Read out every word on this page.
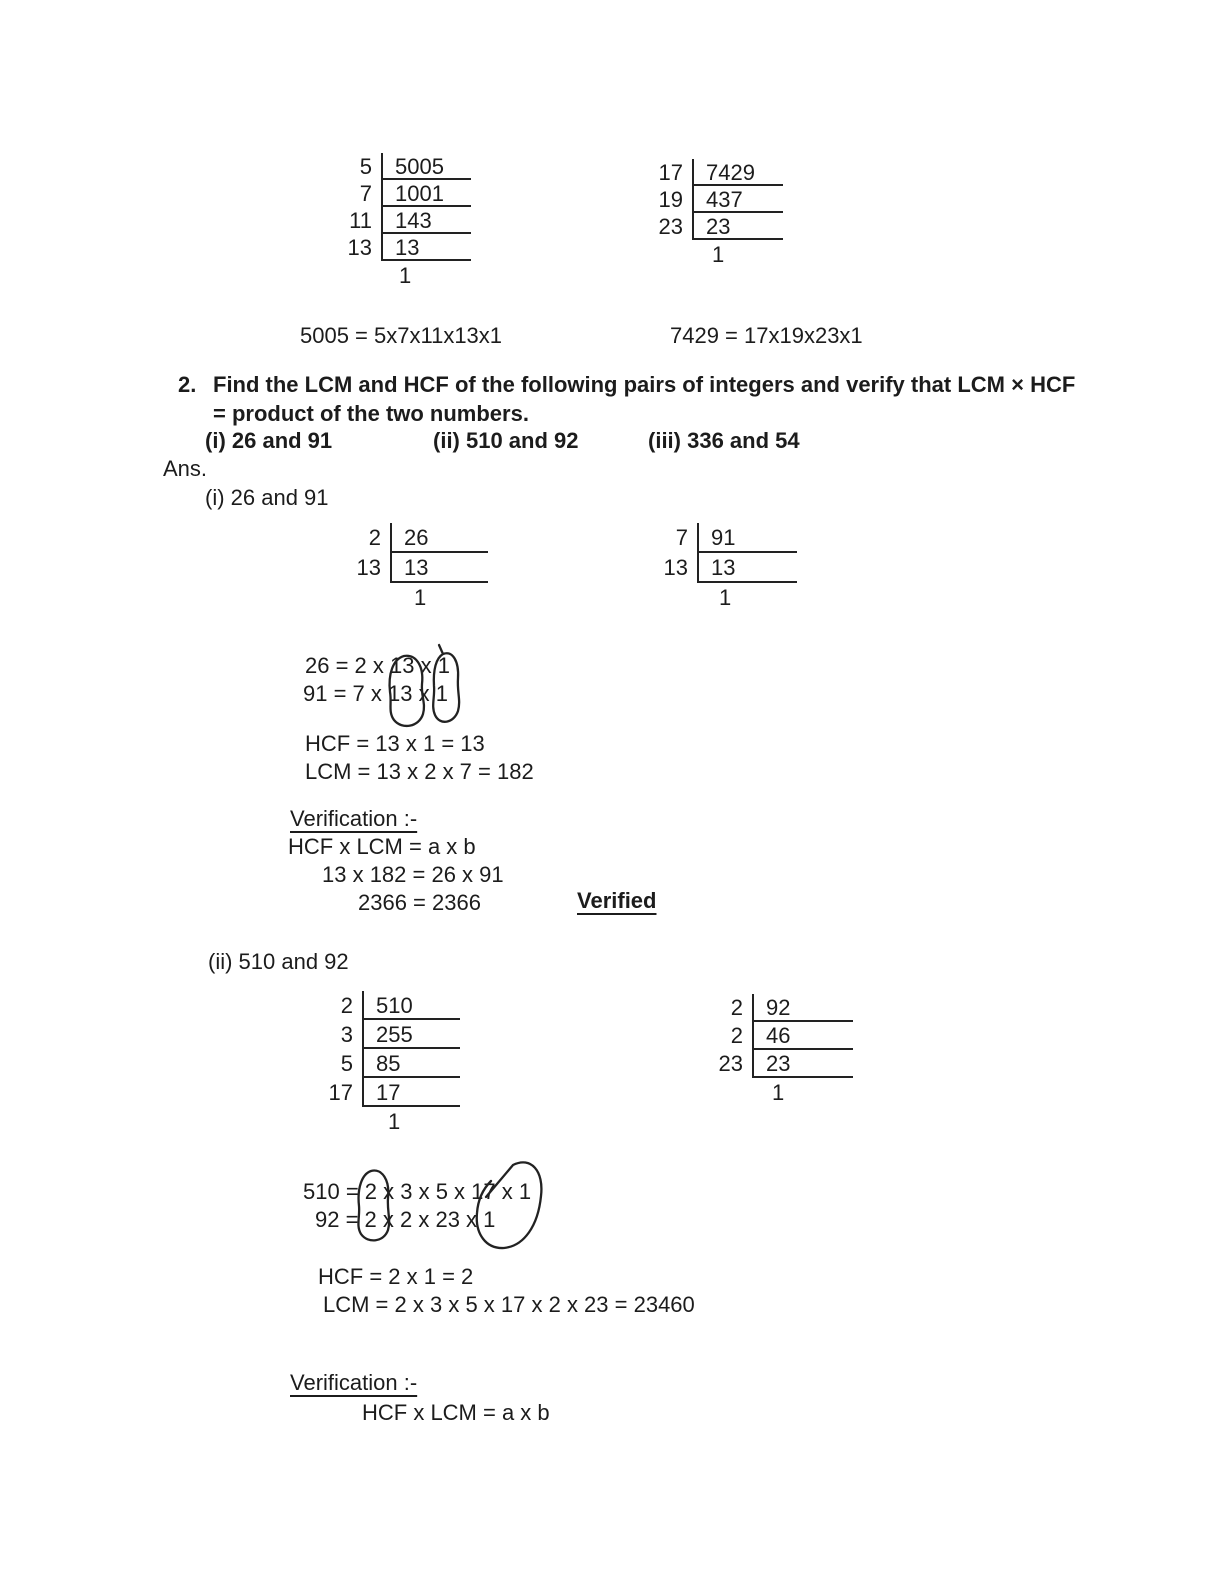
5	5005
7	1001
11	143
13	13
1
17	7429
19	437
23	23
1
5005 = 5x7x11x13x1	7429 = 17x19x23x1
2. Find the LCM and HCF of the following pairs of integers and verify that LCM × HCF
= product of the two numbers.
(i) 26 and 91	(ii) 510 and 92	(iii) 336 and 54
Ans.
(i) 26 and 91
2	26
13	13
1
7	91
13	13
1
26 = 2 x 13 x 1
91 = 7 x 13 x 1
HCF = 13 x 1 = 13
LCM = 13 x 2 x 7 = 182
Verification :-
HCF x LCM = a x b
13 x 182 = 26 x 91
2366 = 2366	Verified
(ii) 510 and 92
2	510
3	255
5	85
17	17
1
2	92
2	46
23	23
1
510 = 2 x 3 x 5 x 17 x 1
92 = 2 x 2 x 23 x 1
HCF = 2 x 1 = 2
LCM = 2 x 3 x 5 x 17 x 2 x 23 = 23460
Verification :-
HCF x LCM = a x b
